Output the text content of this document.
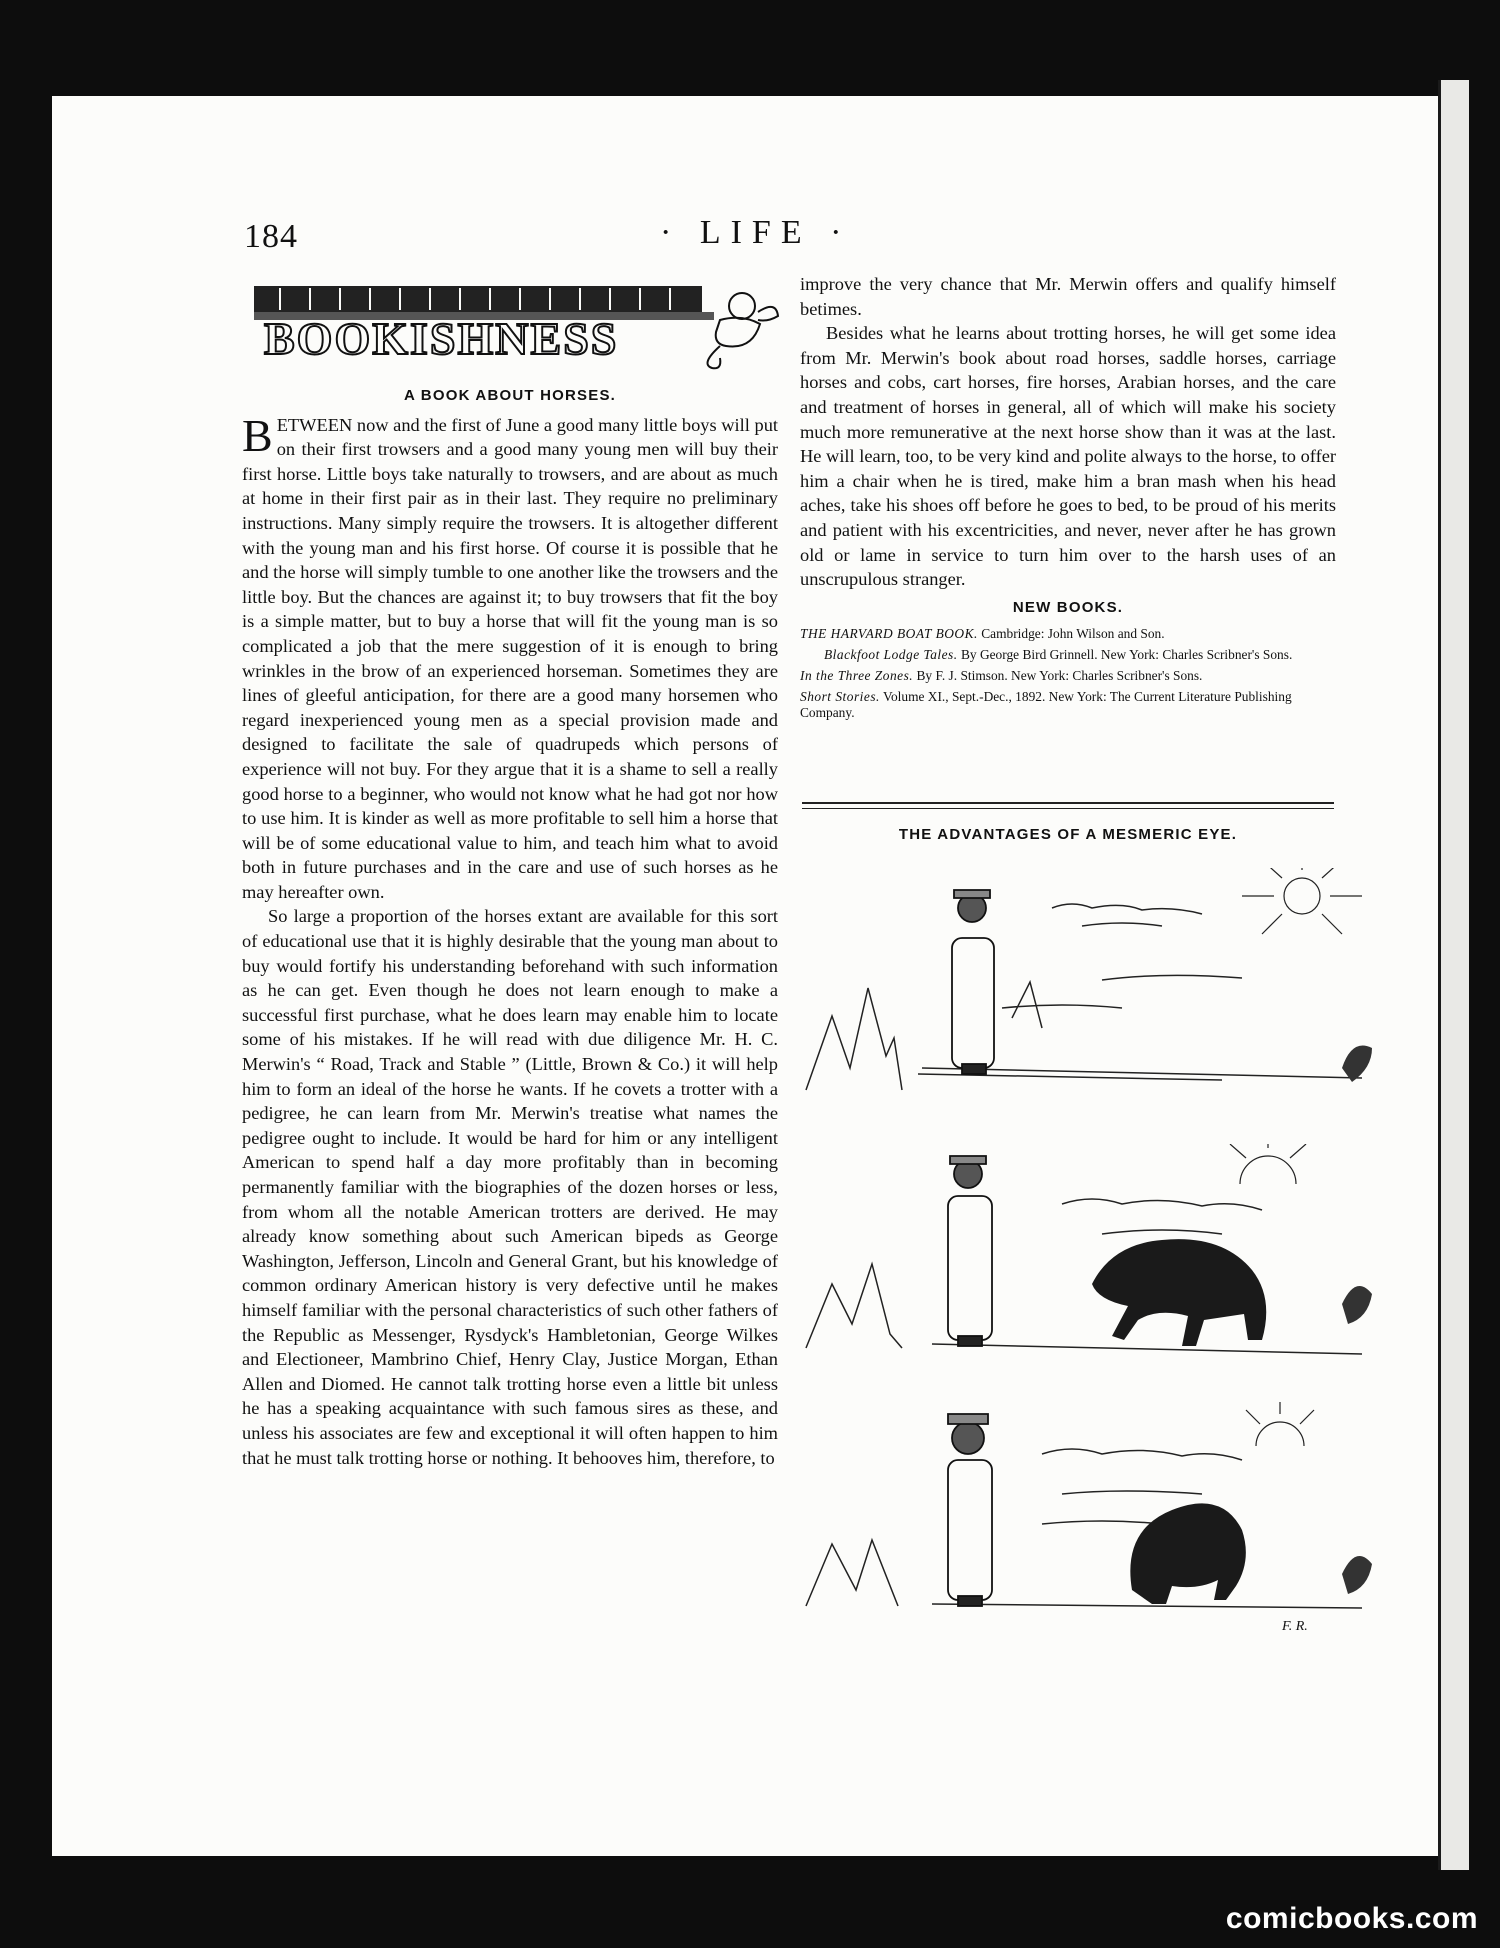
184	· LIFE ·
BOOKISHNESS
A BOOK ABOUT HORSES.

BETWEEN now and the first of June a good many little boys will put on their first trowsers and a good many young men will buy their first horse. Little boys take naturally to trowsers, and are about as much at home in their first pair as in their last. They require no preliminary instructions. Many simply require the trowsers. It is altogether different with the young man and his first horse. Of course it is possible that he and the horse will simply tumble to one another like the trowsers and the little boy. But the chances are against it; to buy trowsers that fit the boy is a simple matter, but to buy a horse that will fit the young man is so complicated a job that the mere suggestion of it is enough to bring wrinkles in the brow of an experienced horseman. Sometimes they are lines of gleeful anticipation, for there are a good many horsemen who regard inexperienced young men as a special provision made and designed to facilitate the sale of quadrupeds which persons of experience will not buy. For they argue that it is a shame to sell a really good horse to a beginner, who would not know what he had got nor how to use him. It is kinder as well as more profitable to sell him a horse that will be of some educational value to him, and teach him what to avoid both in future purchases and in the care and use of such horses as he may hereafter own.

So large a proportion of the horses extant are available for this sort of educational use that it is highly desirable that the young man about to buy would fortify his understanding beforehand with such information as he can get. Even though he does not learn enough to make a successful first purchase, what he does learn may enable him to locate some of his mistakes. If he will read with due diligence Mr. H. C. Merwin's “ Road, Track and Stable ” (Little, Brown & Co.) it will help him to form an ideal of the horse he wants. If he covets a trotter with a pedigree, he can learn from Mr. Merwin's treatise what names the pedigree ought to include. It would be hard for him or any intelligent American to spend half a day more profitably than in becoming permanently familiar with the biographies of the dozen horses or less, from whom all the notable American trotters are derived. He may already know something about such American bipeds as George Washington, Jefferson, Lincoln and General Grant, but his knowledge of common ordinary American history is very defective until he makes himself familiar with the personal characteristics of such other fathers of the Republic as Messenger, Rysdyck's Hambletonian, George Wilkes and Electioneer, Mambrino Chief, Henry Clay, Justice Morgan, Ethan Allen and Diomed. He cannot talk trotting horse even a little bit unless he has a speaking acquaintance with such famous sires as these, and unless his associates are few and exceptional it will often happen to him that he must talk trotting horse or nothing. It behooves him, therefore, to

improve the very chance that Mr. Merwin offers and qualify himself betimes.

Besides what he learns about trotting horses, he will get some idea from Mr. Merwin's book about road horses, saddle horses, carriage horses and cobs, cart horses, fire horses, Arabian horses, and the care and treatment of horses in general, all of which will make his society much more remunerative at the next horse show than it was at the last. He will learn, too, to be very kind and polite always to the horse, to offer him a chair when he is tired, make him a bran mash when his head aches, take his shoes off before he goes to bed, to be proud of his merits and patient with his excentricities, and never, never after he has grown old or lame in service to turn him over to the harsh uses of an unscrupulous stranger.

NEW BOOKS.
THE HARVARD BOAT BOOK. Cambridge: John Wilson and Son.
Blackfoot Lodge Tales. By George Bird Grinnell. New York: Charles Scribner's Sons.
In the Three Zones. By F. J. Stimson. New York: Charles Scribner's Sons.
Short Stories. Volume XI., Sept.-Dec., 1892. New York: The Current Literature Publishing Company.
THE ADVANTAGES OF A MESMERIC EYE.
F. R.
comicbooks.com
